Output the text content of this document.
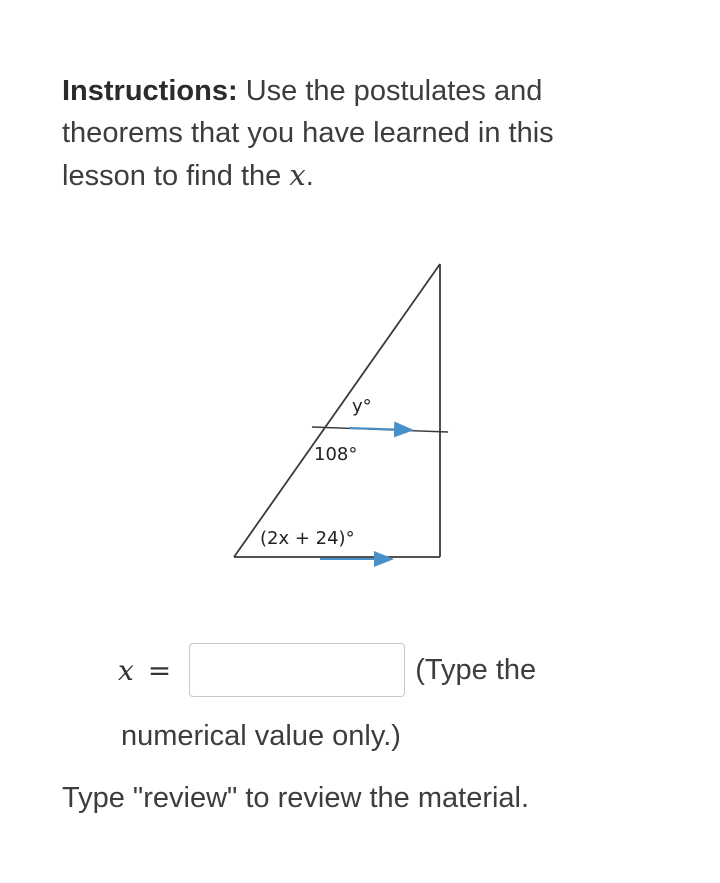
Instructions: Use the postulates and
theorems that you have learned in this
lesson to find the x.
y°
108°
(2x + 24)°
x =	(Type the
numerical value only.)
Type "review" to review the material.
